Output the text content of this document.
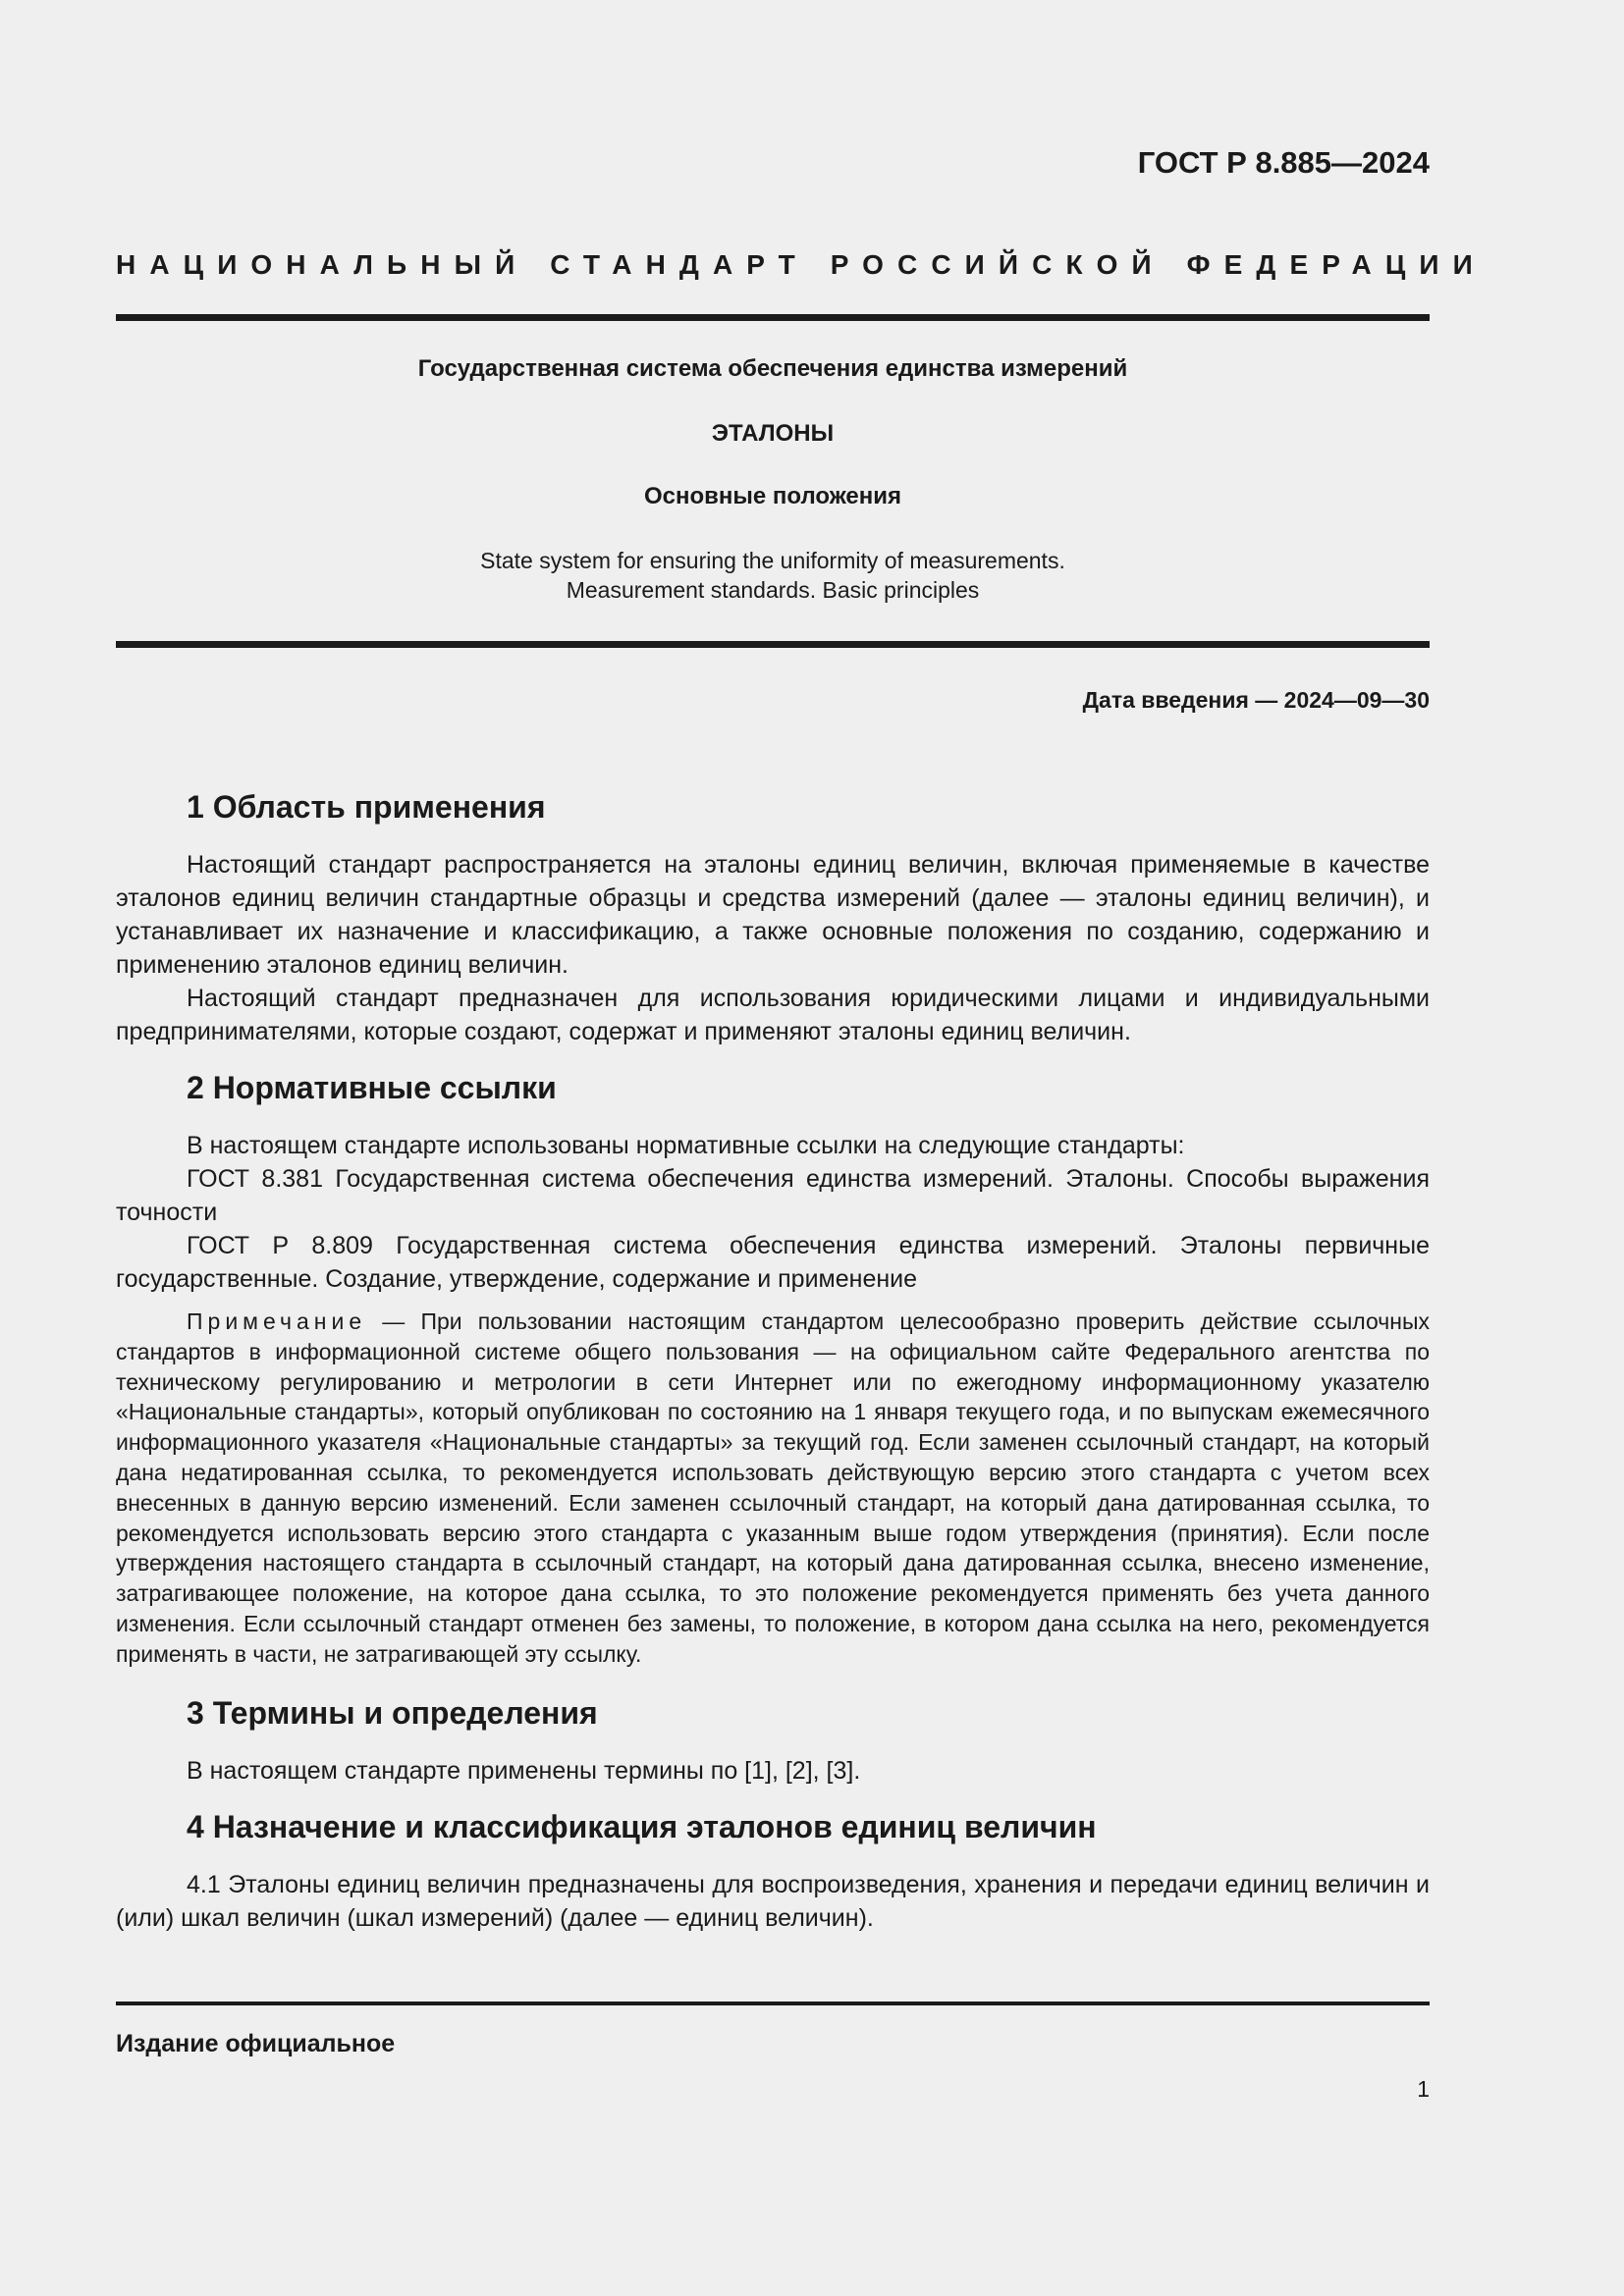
ГОСТ Р 8.885—2024
НАЦИОНАЛЬНЫЙ СТАНДАРТ РОССИЙСКОЙ ФЕДЕРАЦИИ
Государственная система обеспечения единства измерений
ЭТАЛОНЫ
Основные положения
State system for ensuring the uniformity of measurements.
Measurement standards. Basic principles
Дата введения — 2024—09—30
1 Область применения

Настоящий стандарт распространяется на эталоны единиц величин, включая применяемые в качестве эталонов единиц величин стандартные образцы и средства измерений (далее — эталоны единиц величин), и устанавливает их назначение и классификацию, а также основные положения по созданию, содержанию и применению эталонов единиц величин.

Настоящий стандарт предназначен для использования юридическими лицами и индивидуальными предпринимателями, которые создают, содержат и применяют эталоны единиц величин.

2 Нормативные ссылки

В настоящем стандарте использованы нормативные ссылки на следующие стандарты:

ГОСТ 8.381 Государственная система обеспечения единства измерений. Эталоны. Способы выражения точности

ГОСТ Р 8.809 Государственная система обеспечения единства измерений. Эталоны первичные государственные. Создание, утверждение, содержание и применение

Примечание — При пользовании настоящим стандартом целесообразно проверить действие ссылочных стандартов в информационной системе общего пользования — на официальном сайте Федерального агентства по техническому регулированию и метрологии в сети Интернет или по ежегодному информационному указателю «Национальные стандарты», который опубликован по состоянию на 1 января текущего года, и по выпускам ежемесячного информационного указателя «Национальные стандарты» за текущий год. Если заменен ссылочный стандарт, на который дана недатированная ссылка, то рекомендуется использовать действующую версию этого стандарта с учетом всех внесенных в данную версию изменений. Если заменен ссылочный стандарт, на который дана датированная ссылка, то рекомендуется использовать версию этого стандарта с указанным выше годом утверждения (принятия). Если после утверждения настоящего стандарта в ссылочный стандарт, на который дана датированная ссылка, внесено изменение, затрагивающее положение, на которое дана ссылка, то это положение рекомендуется применять без учета данного изменения. Если ссылочный стандарт отменен без замены, то положение, в котором дана ссылка на него, рекомендуется применять в части, не затрагивающей эту ссылку.

3 Термины и определения

В настоящем стандарте применены термины по [1], [2], [3].

4 Назначение и классификация эталонов единиц величин

4.1 Эталоны единиц величин предназначены для воспроизведения, хранения и передачи единиц величин и (или) шкал величин (шкал измерений) (далее — единиц величин).

Издание официальное
1
